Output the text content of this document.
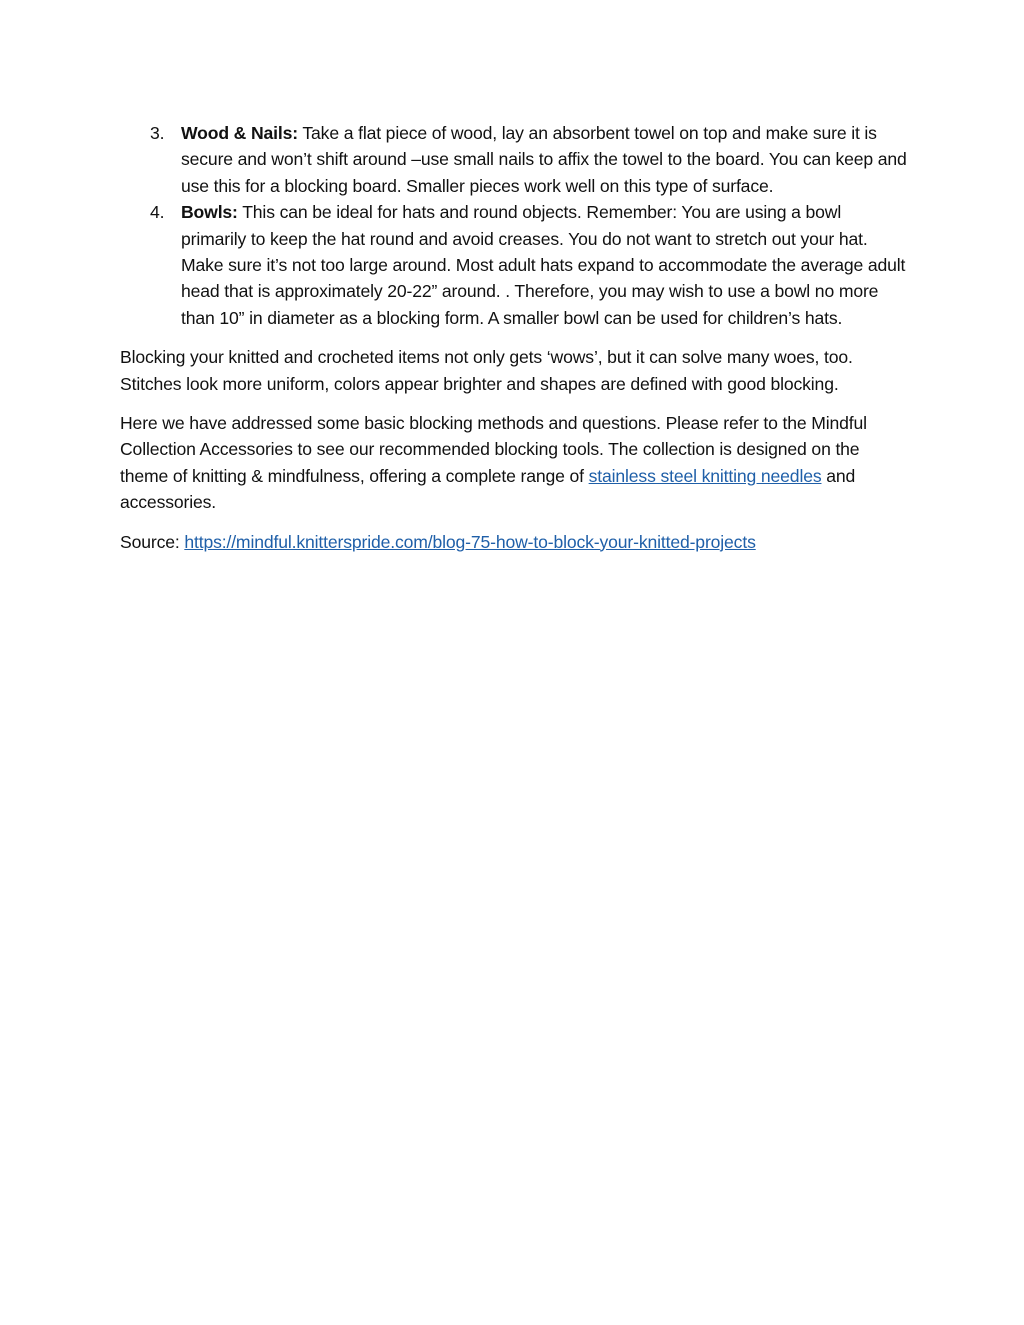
3. Wood & Nails: Take a flat piece of wood, lay an absorbent towel on top and make sure it is secure and won’t shift around –use small nails to affix the towel to the board. You can keep and use this for a blocking board. Smaller pieces work well on this type of surface.
4. Bowls: This can be ideal for hats and round objects. Remember: You are using a bowl primarily to keep the hat round and avoid creases. You do not want to stretch out your hat. Make sure it’s not too large around. Most adult hats expand to accommodate the average adult head that is approximately 20-22” around. . Therefore, you may wish to use a bowl no more than 10” in diameter as a blocking form. A smaller bowl can be used for children’s hats.

Blocking your knitted and crocheted items not only gets ‘wows’, but it can solve many woes, too. Stitches look more uniform, colors appear brighter and shapes are defined with good blocking.

Here we have addressed some basic blocking methods and questions. Please refer to the Mindful Collection Accessories to see our recommended blocking tools. The collection is designed on the theme of knitting & mindfulness, offering a complete range of stainless steel knitting needles and accessories.

Source: https://mindful.knitterspride.com/blog-75-how-to-block-your-knitted-projects
